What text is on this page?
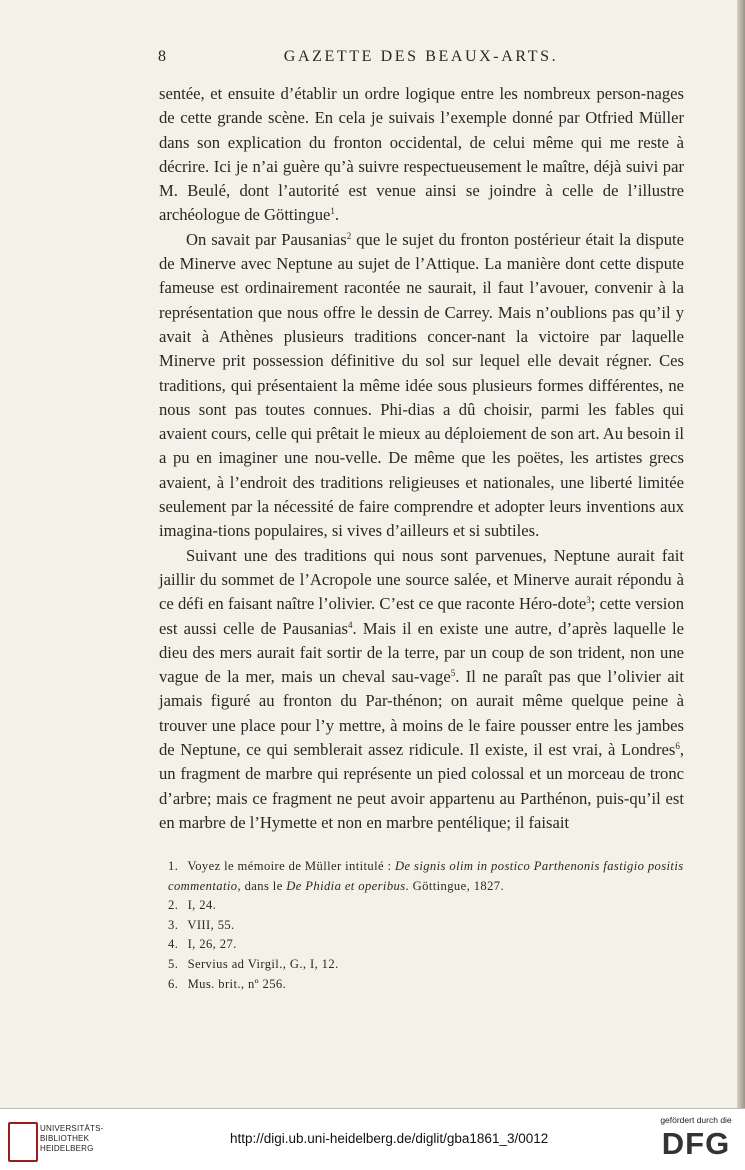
8	GAZETTE DES BEAUX-ARTS.

sentée, et ensuite d’établir un ordre logique entre les nombreux person-nages de cette grande scène. En cela je suivais l’exemple donné par Otfried Müller dans son explication du fronton occidental, de celui même qui me reste à décrire. Ici je n’ai guère qu’à suivre respectueusement le maître, déjà suivi par M. Beulé, dont l’autorité est venue ainsi se joindre à celle de l’illustre archéologue de Göttingue$^1$.

On savait par Pausanias$^2$ que le sujet du fronton postérieur était la dispute de Minerve avec Neptune au sujet de l’Attique. La manière dont cette dispute fameuse est ordinairement racontée ne saurait, il faut l’avouer, convenir à la représentation que nous offre le dessin de Carrey. Mais n’oublions pas qu’il y avait à Athènes plusieurs traditions concer-nant la victoire par laquelle Minerve prit possession définitive du sol sur lequel elle devait régner. Ces traditions, qui présentaient la même idée sous plusieurs formes différentes, ne nous sont pas toutes connues. Phi-dias a dû choisir, parmi les fables qui avaient cours, celle qui prêtait le mieux au déploiement de son art. Au besoin il a pu en imaginer une nou-velle. De même que les poëtes, les artistes grecs avaient, à l’endroit des traditions religieuses et nationales, une liberté limitée seulement par la nécessité de faire comprendre et adopter leurs inventions aux imagina-tions populaires, si vives d’ailleurs et si subtiles.

Suivant une des traditions qui nous sont parvenues, Neptune aurait fait jaillir du sommet de l’Acropole une source salée, et Minerve aurait répondu à ce défi en faisant naître l’olivier. C’est ce que raconte Héro-dote$^3$; cette version est aussi celle de Pausanias$^4$. Mais il en existe une autre, d’après laquelle le dieu des mers aurait fait sortir de la terre, par un coup de son trident, non une vague de la mer, mais un cheval sau-vage$^5$. Il ne paraît pas que l’olivier ait jamais figuré au fronton du Par-thénon; on aurait même quelque peine à trouver une place pour l’y mettre, à moins de le faire pousser entre les jambes de Neptune, ce qui semblerait assez ridicule. Il existe, il est vrai, à Londres$^6$, un fragment de marbre qui représente un pied colossal et un morceau de tronc d’arbre; mais ce fragment ne peut avoir appartenu au Parthénon, puis-qu’il est en marbre de l’Hymette et non en marbre pentélique; il faisait

1. Voyez le mémoire de Müller intitulé : De signis olim in postico Parthenonis fastigio positis commentatio, dans le De Phidia et operibus. Göttingue, 1827.
2. I, 24.
3. VIII, 55.
4. I, 26, 27.
5. Servius ad Virgil., G., I, 12.
6. Mus. brit., nº 256.
UNIVERSITÄTS-
BIBLIOTHEK
HEIDELBERG
http://digi.ub.uni-heidelberg.de/diglit/gba1861_3/0012
gefördert durch die
DFG
